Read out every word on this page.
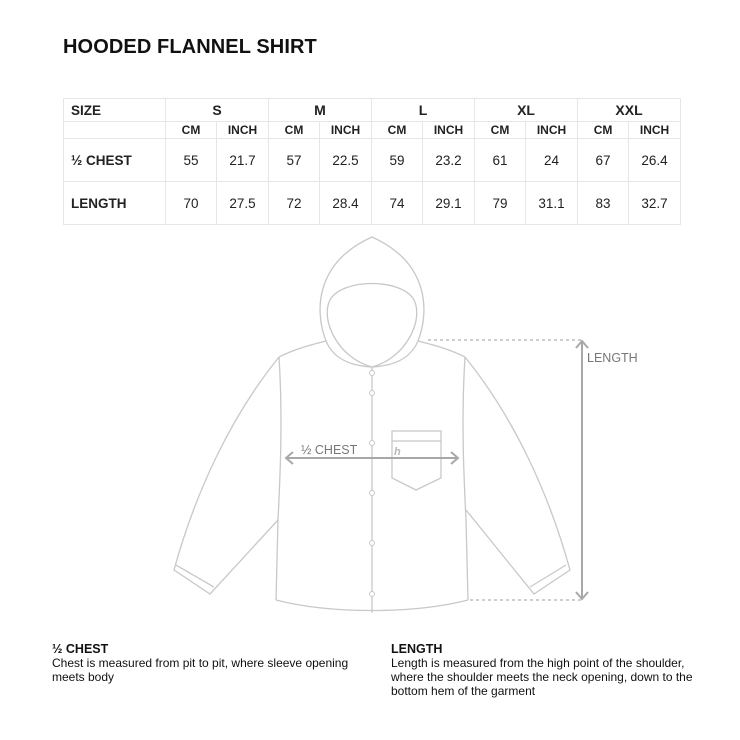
HOODED FLANNEL SHIRT
SIZE	S		M		L		XL		XXL	
	CM	INCH	CM	INCH	CM	INCH	CM	INCH	CM	INCH
½ CHEST	55	21.7	57	22.5	59	23.2	61	24	67	26.4
LENGTH	70	27.5	72	28.4	74	29.1	79	31.1	83	32.7
h
½ CHEST
LENGTH
½ CHEST
Chest is measured from pit to pit, where sleeve opening meets body
LENGTH
Length is measured from the high point of the shoulder, where the shoulder meets the neck opening, down to the bottom hem of the garment
